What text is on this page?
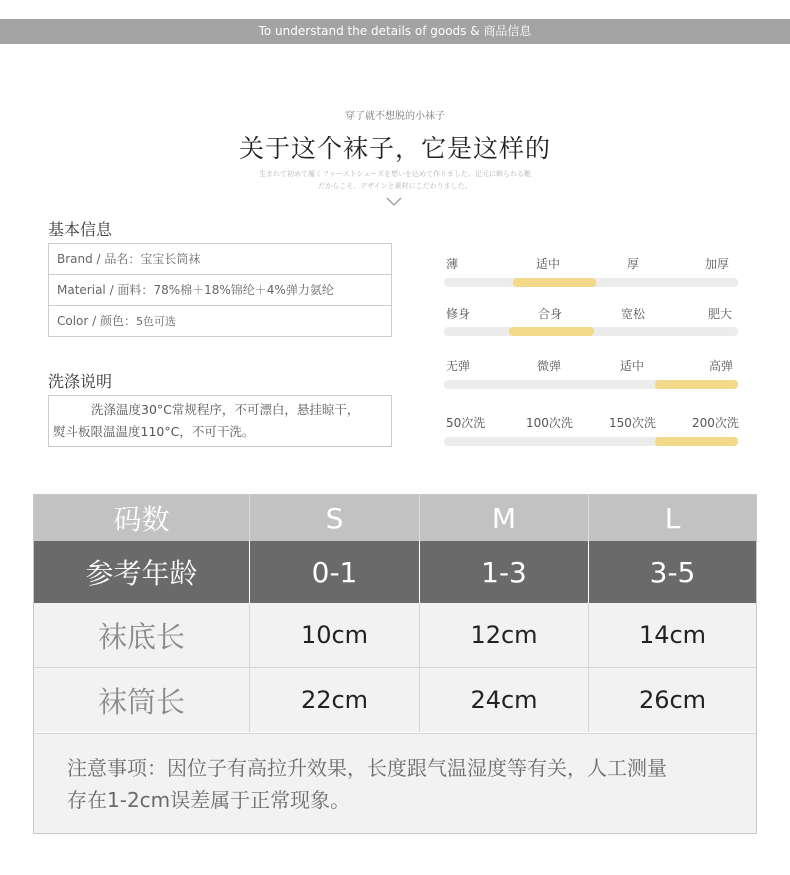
To understand the details of goods & 商品信息
穿了就不想脱的小袜子
关于这个袜子，它是这样的
生まれて初めて履くファーストシューズを想いを込めて作りました。足元に飾られる靴
だからこそ、デザインと素材にこだわりました。
基本信息
Brand / 品名：宝宝长筒袜
Material / 面料：78%棉＋18%锦纶＋4%弹力氨纶
Color / 颜色：5色可选
洗涤说明
洗涤温度30°C常规程序，不可漂白，悬挂晾干，
熨斗板限温温度110°C，不可干洗。
薄	适中	厚	加厚
修身	合身	宽松	肥大
无弹	微弹	适中	高弹
50次洗	100次洗	150次洗	200次洗
码数	S	M	L
参考年龄	0-1	1-3	3-5
袜底长	10cm	12cm	14cm
袜筒长	22cm	24cm	26cm
注意事项：因位子有高拉升效果，长度跟气温湿度等有关，人工测量
存在1-2cm误差属于正常现象。
